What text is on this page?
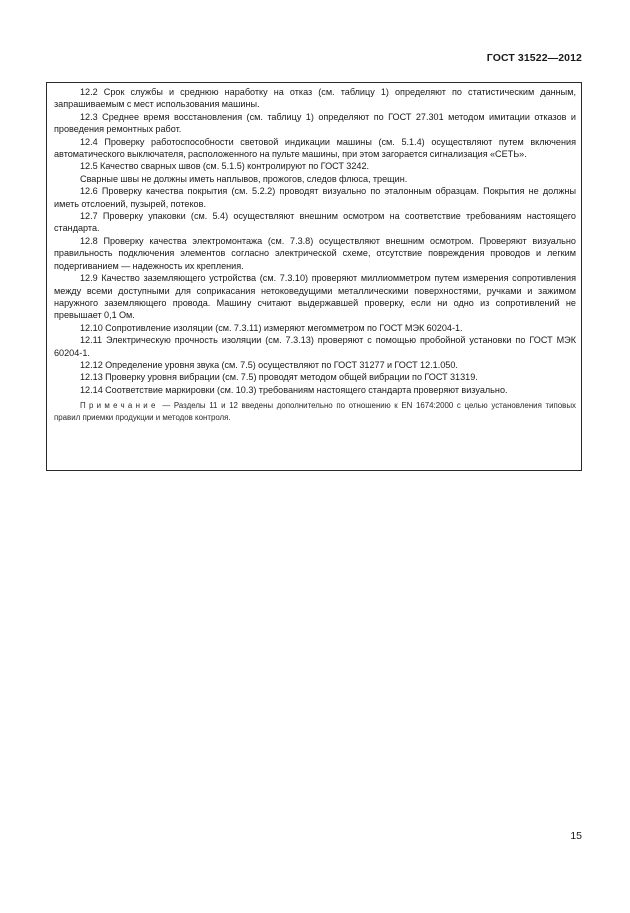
ГОСТ 31522—2012

12.2 Срок службы и среднюю наработку на отказ (см. таблицу 1) определяют по статистическим данным, запрашиваемым с мест использования машины.

12.3 Среднее время восстановления (см. таблицу 1) определяют по ГОСТ 27.301 методом имитации отказов и проведения ремонтных работ.

12.4 Проверку работоспособности световой индикации машины (см. 5.1.4) осуществляют путем включения автоматического выключателя, расположенного на пульте машины, при этом загорается сигнализация «СЕТЬ».

12.5 Качество сварных швов (см. 5.1.5) контролируют по ГОСТ 3242.

Сварные швы не должны иметь наплывов, прожогов, следов флюса, трещин.

12.6 Проверку качества покрытия (см. 5.2.2) проводят визуально по эталонным образцам. Покрытия не должны иметь отслоений, пузырей, потеков.

12.7 Проверку упаковки (см. 5.4) осуществляют внешним осмотром на соответствие требованиям настоящего стандарта.

12.8 Проверку качества электромонтажа (см. 7.3.8) осуществляют внешним осмотром. Проверяют визуально правильность подключения элементов согласно электрической схеме, отсутствие повреждения проводов и легким подергиванием — надежность их крепления.

12.9 Качество заземляющего устройства (см. 7.3.10) проверяют миллиомметром путем измерения сопротивления между всеми доступными для соприкасания нетоковедущими металлическими поверхностями, ручками и зажимом наружного заземляющего провода. Машину считают выдержавшей проверку, если ни одно из сопротивлений не превышает 0,1 Ом.

12.10 Сопротивление изоляции (см. 7.3.11) измеряют мегомметром по ГОСТ МЭК 60204-1.

12.11 Электрическую прочность изоляции (см. 7.3.13) проверяют с помощью пробойной установки по ГОСТ МЭК 60204-1.

12.12 Определение уровня звука (см. 7.5) осуществляют по ГОСТ 31277 и ГОСТ 12.1.050.

12.13 Проверку уровня вибрации (см. 7.5) проводят методом общей вибрации по ГОСТ 31319.

12.14 Соответствие маркировки (см. 10.3) требованиям настоящего стандарта проверяют визуально.

Примечание — Разделы 11 и 12 введены дополнительно по отношению к EN 1674:2000 с целью установления типовых правил приемки продукции и методов контроля.

15
